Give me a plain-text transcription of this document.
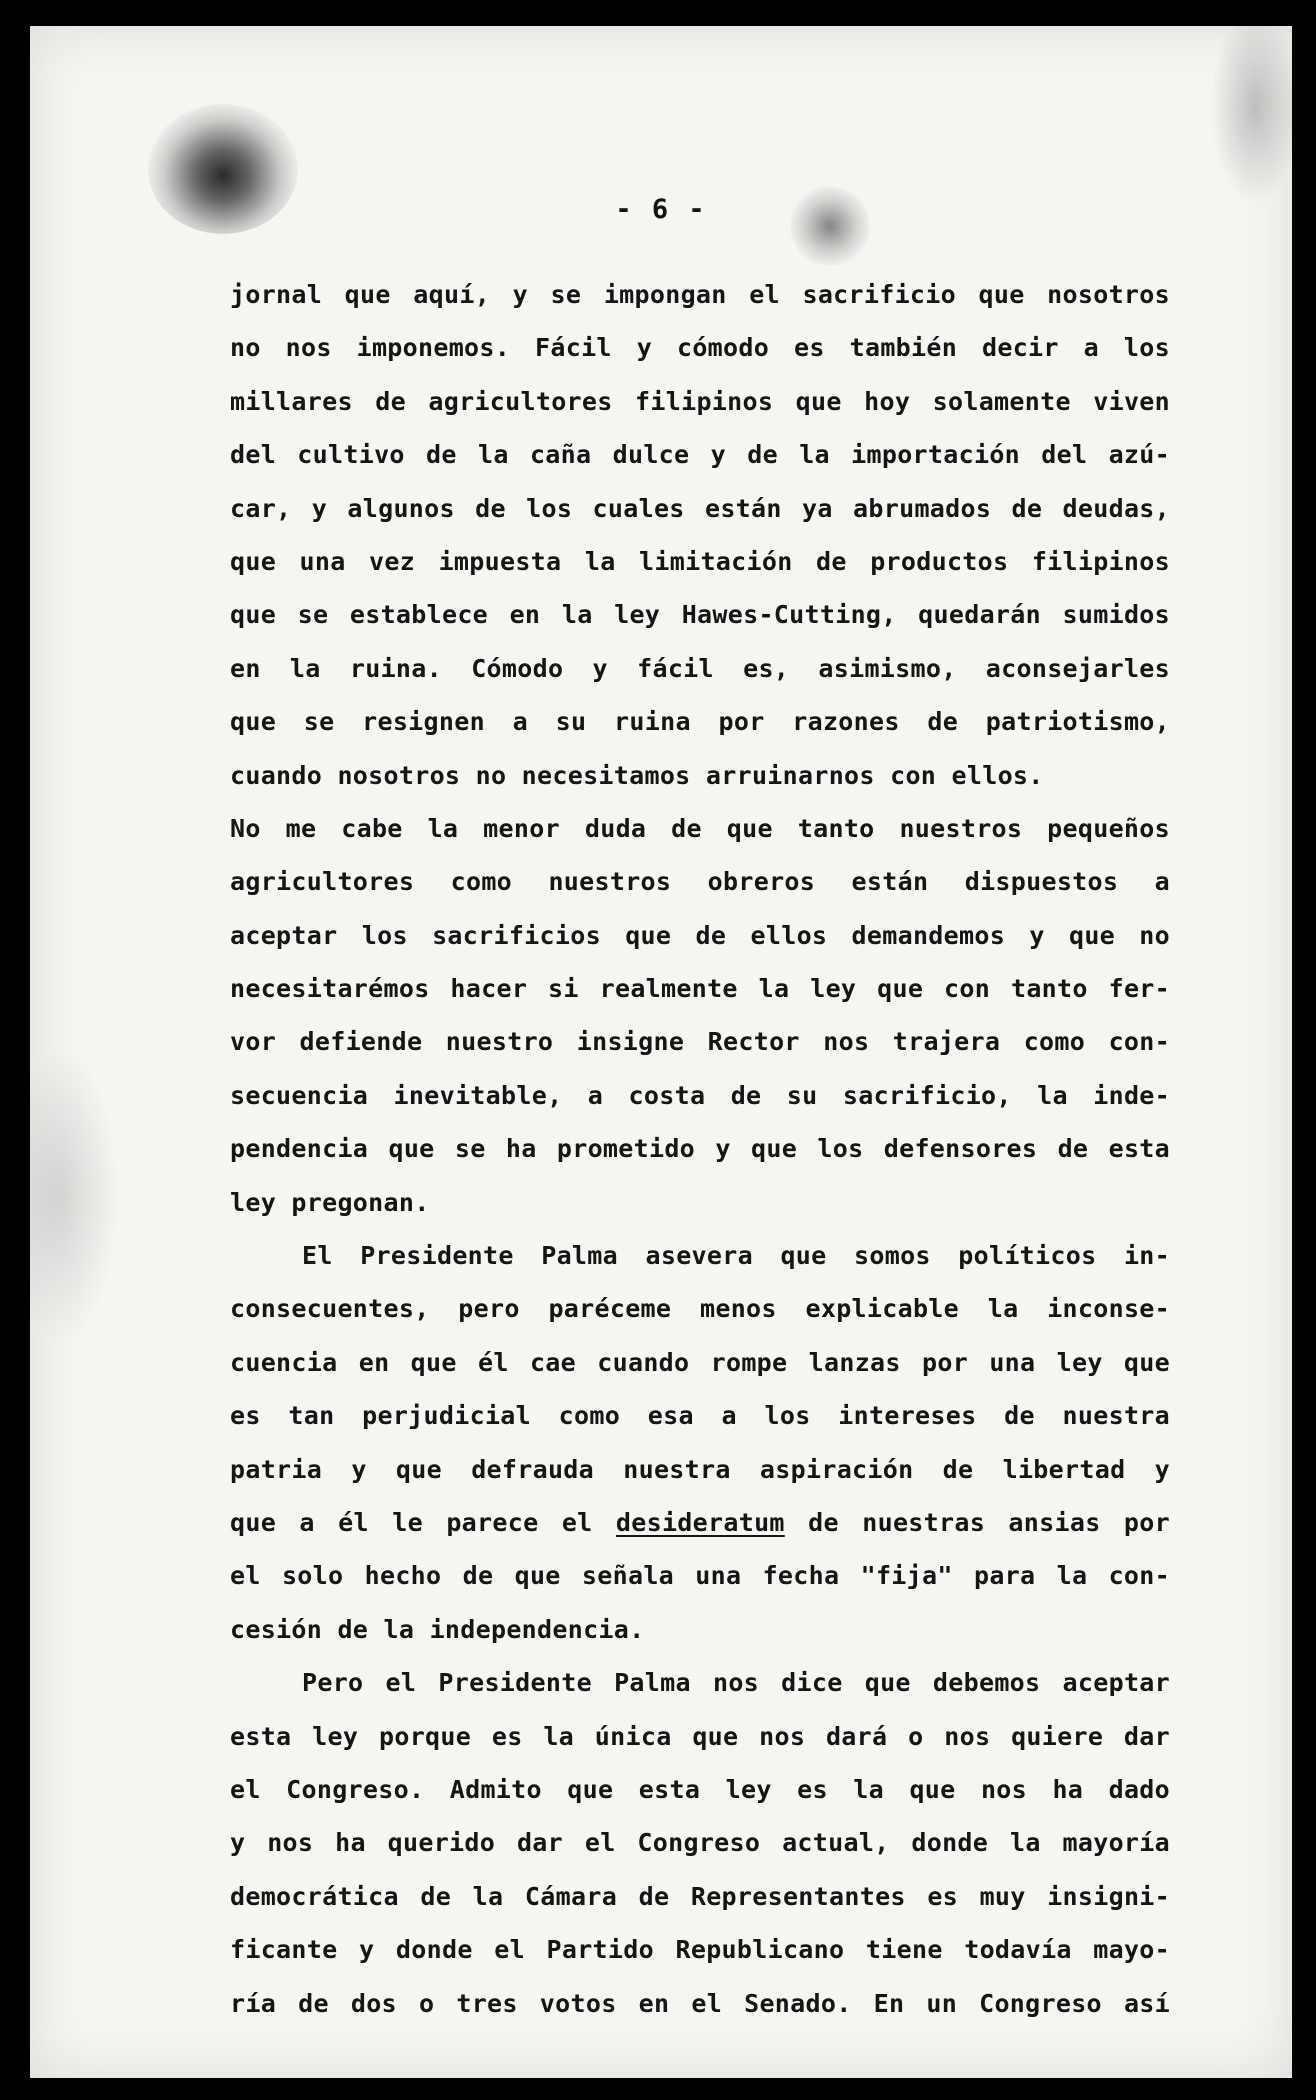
- 6 -
jornal que aquí, y se impongan el sacrificio que nosotros
no nos imponemos. Fácil y cómodo es también decir a los
millares de agricultores filipinos que hoy solamente viven
del cultivo de la caña dulce y de la importación del azú-
car, y algunos de los cuales están ya abrumados de deudas,
que una vez impuesta la limitación de productos filipinos
que se establece en la ley Hawes-Cutting, quedarán sumidos
en la ruina. Cómodo y fácil es, asimismo, aconsejarles
que se resignen a su ruina por razones de patriotismo,
cuando nosotros no necesitamos arruinarnos con ellos.
No me cabe la menor duda de que tanto nuestros pequeños
agricultores como nuestros obreros están dispuestos a
aceptar los sacrificios que de ellos demandemos y que no
necesitarémos hacer si realmente la ley que con tanto fer-
vor defiende nuestro insigne Rector nos trajera como con-
secuencia inevitable, a costa de su sacrificio, la inde-
pendencia que se ha prometido y que los defensores de esta
ley pregonan.
El Presidente Palma asevera que somos políticos in-
consecuentes, pero paréceme menos explicable la inconse-
cuencia en que él cae cuando rompe lanzas por una ley que
es tan perjudicial como esa a los intereses de nuestra
patria y que defrauda nuestra aspiración de libertad y
que a él le parece el desideratum de nuestras ansias por
el solo hecho de que señala una fecha "fija" para la con-
cesión de la independencia.
Pero el Presidente Palma nos dice que debemos aceptar
esta ley porque es la única que nos dará o nos quiere dar
el Congreso. Admito que esta ley es la que nos ha dado
y nos ha querido dar el Congreso actual, donde la mayoría
democrática de la Cámara de Representantes es muy insigni-
ficante y donde el Partido Republicano tiene todavía mayo-
ría de dos o tres votos en el Senado. En un Congreso así
